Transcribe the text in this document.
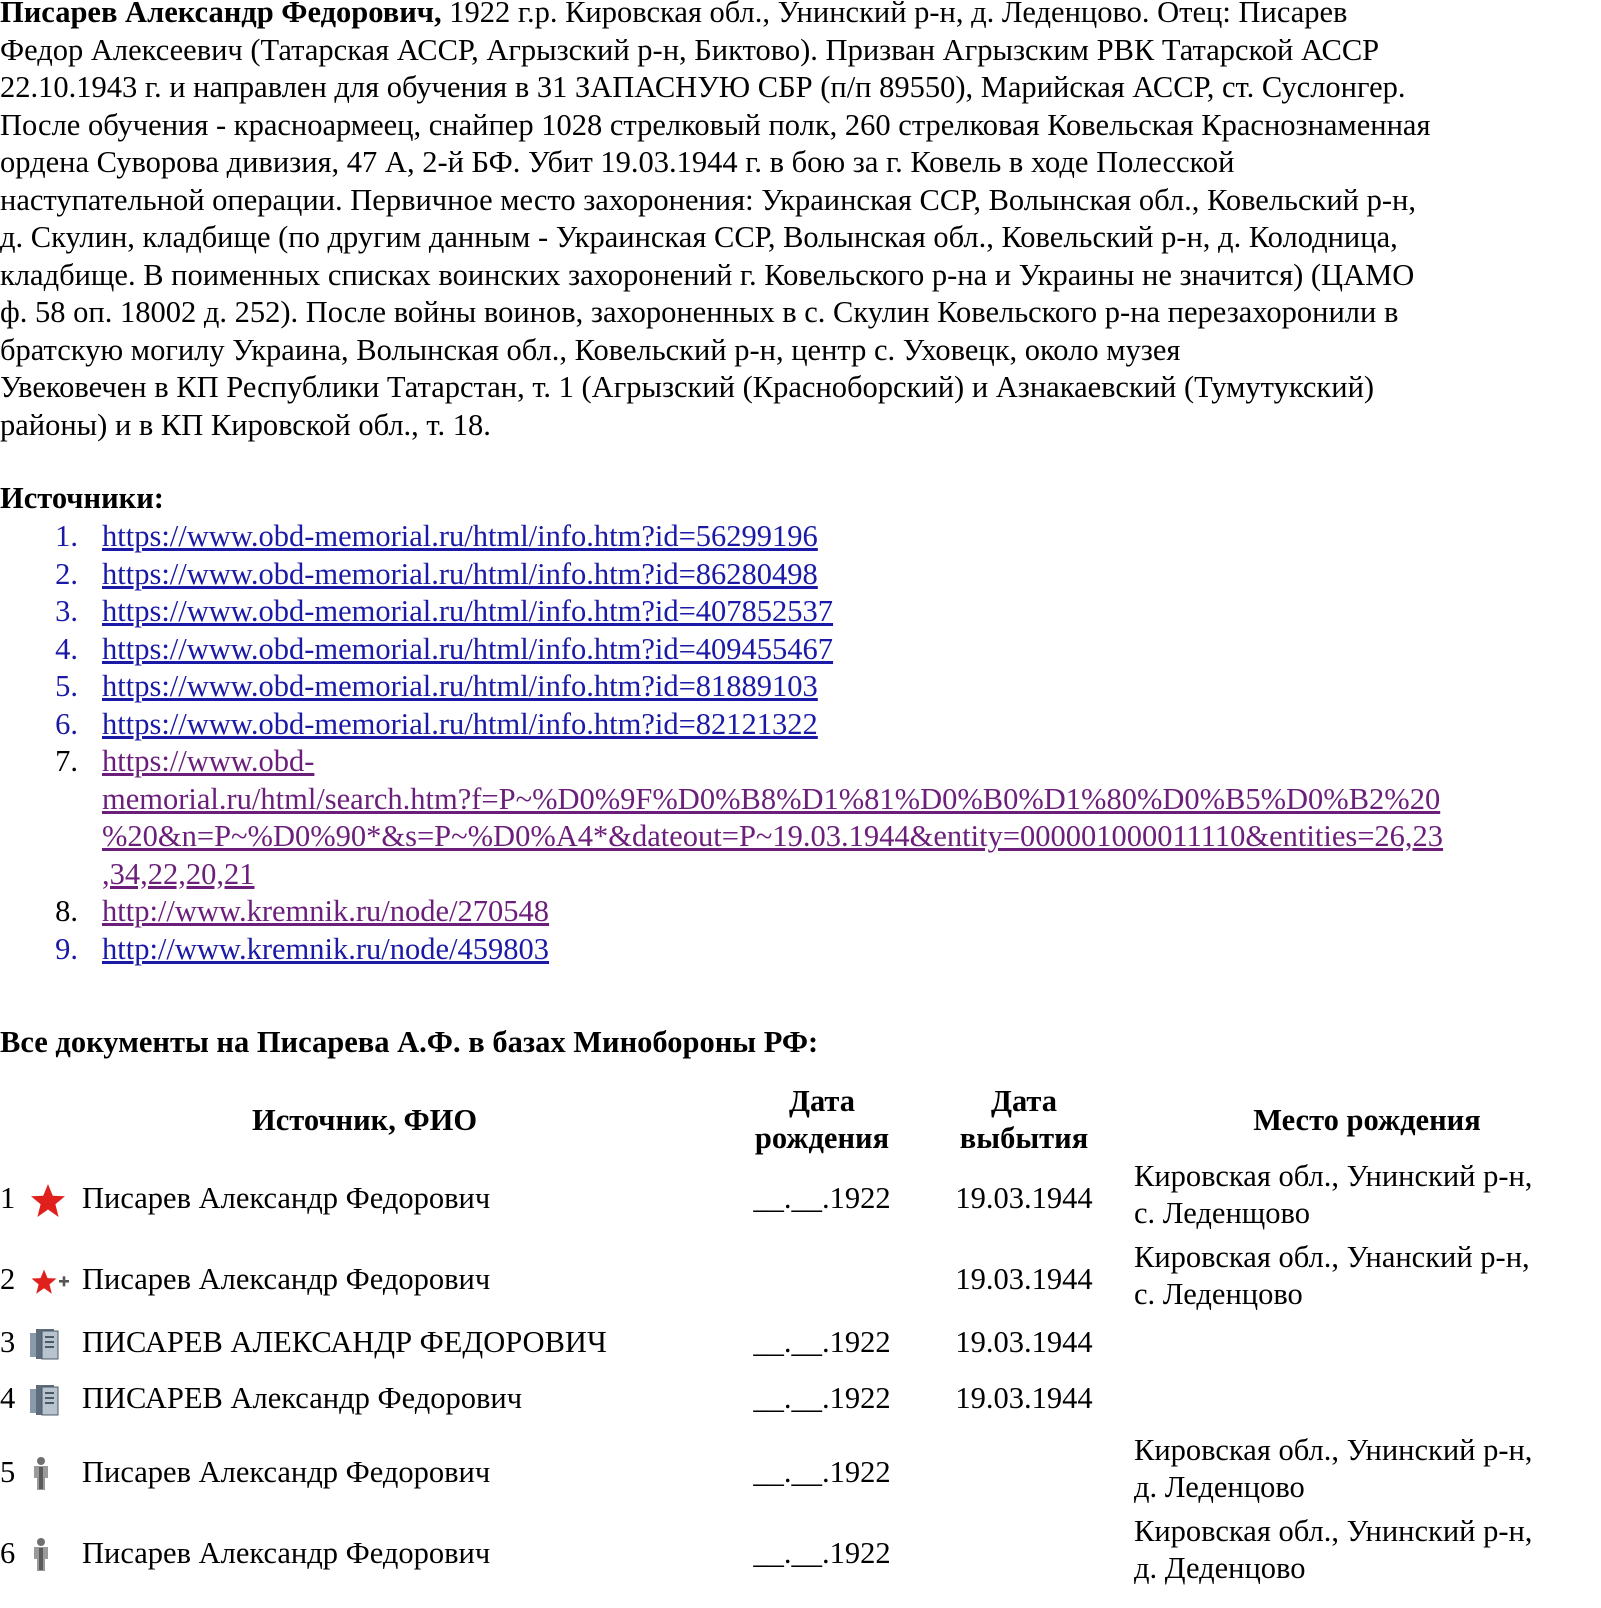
Писарев Александр Федорович, 1922 г.р. Кировская обл., Унинский р-н, д. Леденцово. Отец: Писарев
Федор Алексеевич (Татарская АССР, Агрызский р-н, Биктово). Призван Агрызским РВК Татарской АССР
22.10.1943 г. и направлен для обучения в 31 ЗАПАСНУЮ СБР (п/п 89550), Марийская АССР, ст. Суслонгер.
После обучения - красноармеец, снайпер 1028 стрелковый полк, 260 стрелковая Ковельская Краснознаменная
ордена Суворова дивизия, 47 А, 2-й БФ. Убит 19.03.1944 г. в бою за г. Ковель в ходе Полесской
наступательной операции. Первичное место захоронения: Украинская ССР, Волынская обл., Ковельский р-н,
д. Скулин, кладбище (по другим данным - Украинская ССР, Волынская обл., Ковельский р-н, д. Колодница,
кладбище. В поименных списках воинских захоронений г. Ковельского р-на и Украины не значится) (ЦАМО
ф. 58 оп. 18002 д. 252). После войны воинов, захороненных в с. Скулин Ковельского р-на перезахоронили в
братскую могилу Украина, Волынская обл., Ковельский р-н, центр с. Уховецк, около музея
Увековечен в КП Республики Татарстан, т. 1 (Агрызский (Красноборский) и Азнакаевский (Тумутукский)
районы) и в КП Кировской обл., т. 18.

Источники:

1. https://www.obd-memorial.ru/html/info.htm?id=56299196
2. https://www.obd-memorial.ru/html/info.htm?id=86280498
3. https://www.obd-memorial.ru/html/info.htm?id=407852537
4. https://www.obd-memorial.ru/html/info.htm?id=409455467
5. https://www.obd-memorial.ru/html/info.htm?id=81889103
6. https://www.obd-memorial.ru/html/info.htm?id=82121322
7. https://www.obd-
memorial.ru/html/search.htm?f=P~%D0%9F%D0%B8%D1%81%D0%B0%D1%80%D0%B5%D0%B2%20
%20&n=P~%D0%90*&s=P~%D0%A4*&dateout=P~19.03.1944&entity=000001000011110&entities=26,23
,34,22,20,21
8. http://www.kremnik.ru/node/270548
9. http://www.kremnik.ru/node/459803

Все документы на Писарева А.Ф. в базах Минобороны РФ:

		Источник, ФИО	Дата
рождения	Дата
выбытия	Место рождения
1		Писарев Александр Федорович	__.__.1922	19.03.1944	Кировская обл., Унинский р-н,
с. Леденщово

2		Писарев Александр Федорович		19.03.1944	Кировская обл., Унанский р-н,
с. Леденцово

3		ПИСАРЕВ АЛЕКСАНДР ФЕДОРОВИЧ	__.__.1922	19.03.1944	

4		ПИСАРЕВ Александр Федорович	__.__.1922	19.03.1944	

5		Писарев Александр Федорович	__.__.1922		Кировская обл., Унинский р-н,
д. Леденцово

6		Писарев Александр Федорович	__.__.1922		Кировская обл., Унинский р-н,
д. Деденцово
